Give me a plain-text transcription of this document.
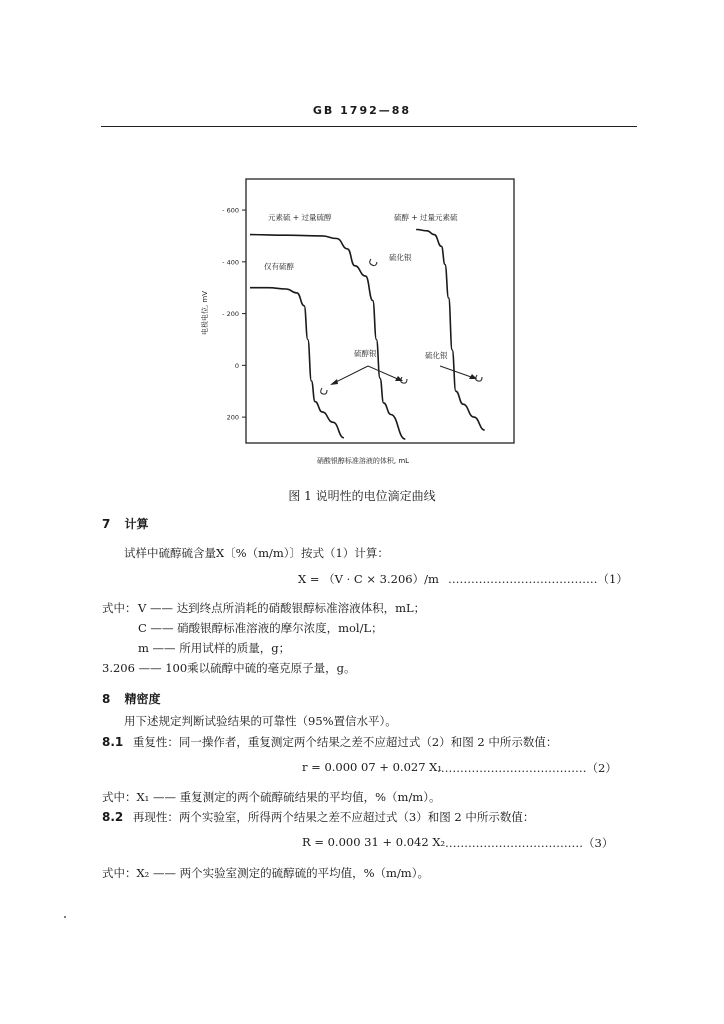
GB 1792—88
- 600
- 400
- 200
0
200
电极电位, mV
仅有硫醇
元素硫 + 过量硫醇	硫醇 + 过量元素硫
硫化银
硫醇银	硫化银
硝酸银醇标准溶液的体积, mL
图 1 说明性的电位滴定曲线
7 计算
试样中硫醇硫含量X〔%（m/m）〕按式（1）计算：
X = （V · C × 3.206）/m …………………………………（1）
式中： V —— 达到终点所消耗的硝酸银醇标准溶液体积，mL；
C —— 硝酸银醇标准溶液的摩尔浓度，mol/L；
m —— 所用试样的质量，g；
3.206 —— 100乘以硫醇中硫的毫克原子量，g。
8 精密度
用下述规定判断试验结果的可靠性（95%置信水平）。
8.1 重复性：同一操作者，重复测定两个结果之差不应超过式（2）和图 2 中所示数值：
r = 0.000 07 + 0.027 X₁
…………………………………（2）
式中：X₁ —— 重复测定的两个硫醇硫结果的平均值，%（m/m）。
8.2 再现性：两个实验室，所得两个结果之差不应超过式（3）和图 2 中所示数值：
R = 0.000 31 + 0.042 X₂ ………………………………（3）
式中：X₂ —— 两个实验室测定的硫醇硫的平均值，%（m/m）。
